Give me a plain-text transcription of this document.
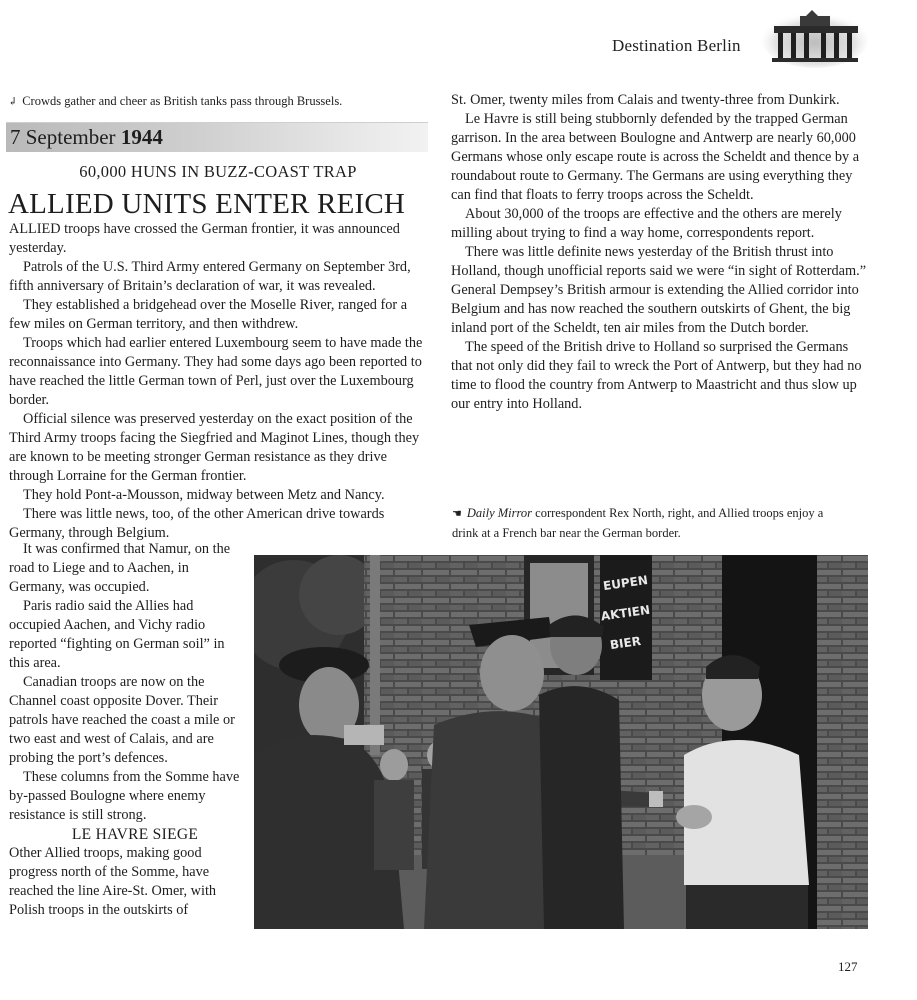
Destination Berlin
↲ Crowds gather and cheer as British tanks pass through Brussels.
7 September 1944
60,000 HUNS IN BUZZ-COAST TRAP
ALLIED UNITS ENTER REICH

ALLIED troops have crossed the German frontier, it was announced yesterday.

Patrols of the U.S. Third Army entered Germany on September 3rd, fifth anniversary of Britain’s declaration of war, it was revealed.

They established a bridgehead over the Moselle River, ranged for a few miles on German territory, and then withdrew.

Troops which had earlier entered Luxembourg seem to have made the reconnaissance into Germany. They had some days ago been reported to have reached the little German town of Perl, just over the Luxembourg border.

Official silence was preserved yesterday on the exact position of the Third Army troops facing the Siegfried and Maginot Lines, though they are known to be meeting stronger German resistance as they drive through Lorraine for the German frontier.

They hold Pont-a-Mousson, midway between Metz and Nancy.

There was little news, too, of the other American drive towards Germany, through Belgium.

It was confirmed that Namur, on the road to Liege and to Aachen, in Germany, was occupied.

Paris radio said the Allies had occupied Aachen, and Vichy radio reported “fighting on German soil” in this area.

Canadian troops are now on the Channel coast opposite Dover. Their patrols have reached the coast a mile or two east and west of Calais, and are probing the port’s defences.

These columns from the Somme have by-passed Boulogne where enemy resistance is still strong.

LE HAVRE SIEGE

Other Allied troops, making good progress north of the Somme, have reached the line Aire-St. Omer, with Polish troops in the outskirts of

St. Omer, twenty miles from Calais and twenty-three from Dunkirk.

Le Havre is still being stubbornly defended by the trapped German garrison. In the area between Boulogne and Antwerp are nearly 60,000 Germans whose only escape route is across the Scheldt and thence by a roundabout route to Germany. The Germans are using everything they can find that floats to ferry troops across the Scheldt.

About 30,000 of the troops are effective and the others are merely milling about trying to find a way home, correspondents report.

There was little definite news yesterday of the British thrust into Holland, though unofficial reports said we were “in sight of Rotterdam.” General Dempsey’s British armour is extending the Allied corridor into Belgium and has now reached the southern outskirts of Ghent, the big inland port of the Scheldt, ten air miles from the Dutch border.

The speed of the British drive to Holland so surprised the Germans that not only did they fail to wreck the Port of Antwerp, but they had no time to flood the country from Antwerp to Maastricht and thus slow up our entry into Holland.

☚ Daily Mirror correspondent Rex North, right, and Allied troops enjoy a drink at a French bar near the German border.
EUPEN
AKTIEN
BIER
127
